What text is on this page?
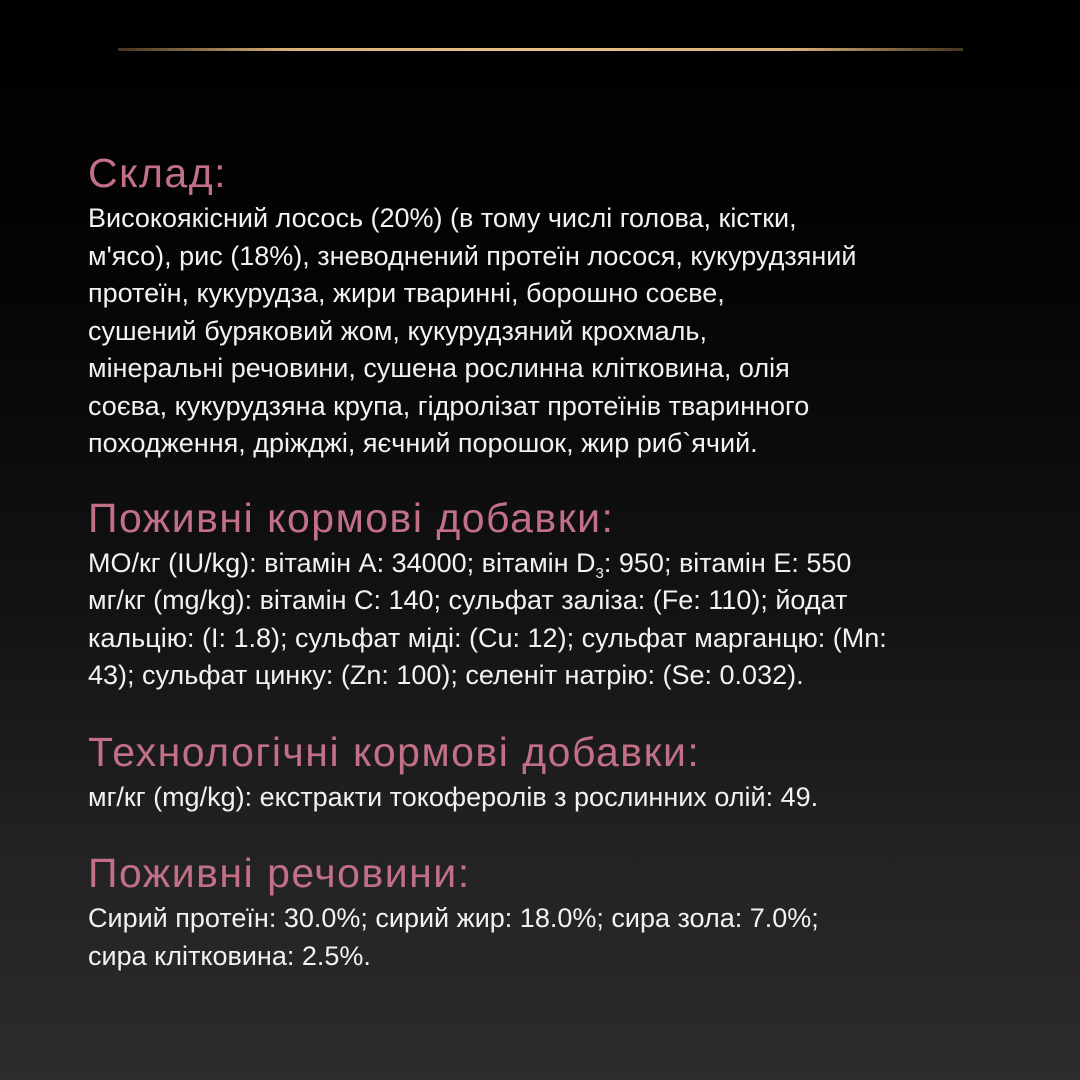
Склад:

Високоякісний лосось (20%) (в тому числі голова, кістки,
м'ясо), рис (18%), зневоднений протеїн лосося, кукурудзяний
протеїн, кукурудза, жири тваринні, борошно соєве,
сушений буряковий жом, кукурудзяний крохмаль,
мінеральні речовини, сушена рослинна клітковина, олія
соєва, кукурудзяна крупа, гідролізат протеїнів тваринного
походження, дріжджі, яєчний порошок, жир риб`ячий.

Поживні кормові добавки:

МО/кг (IU/kg): вітамін А: 34000; вітамін $D_3$: 950; вітамін Е: 550
мг/кг (mg/kg): вітамін С: 140; сульфат заліза: (Fe: 110); йодат
кальцію: (I: 1.8); сульфат міді: (Cu: 12); сульфат марганцю: (Mn:
43); сульфат цинку: (Zn: 100); селеніт натрію: (Se: 0.032).

Технологічні кормові добавки:

мг/кг (mg/kg): екстракти токоферолів з рослинних олій: 49.

Поживні речовини:

Сирий протеїн: 30.0%; сирий жир: 18.0%; сира зола: 7.0%;
сира клітковина: 2.5%.
